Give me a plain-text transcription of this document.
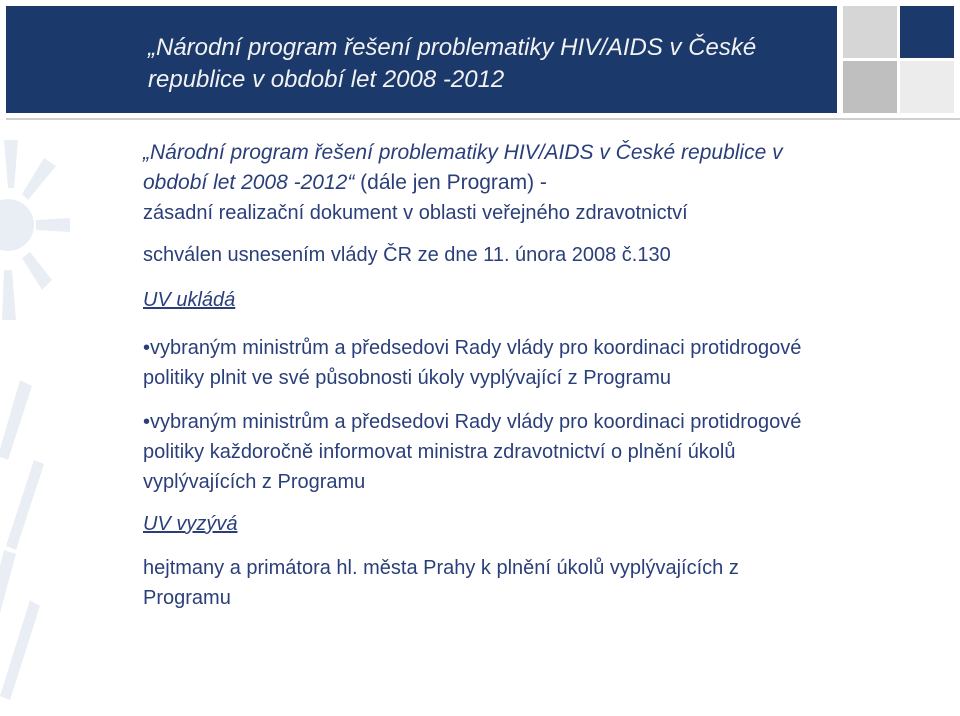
„Národní program řešení problematiky HIV/AIDS v České republice v období let 2008 -2012

„Národní program řešení problematiky HIV/AIDS v České republice v období let 2008 -2012“ (dále jen Program) -

zásadní realizační dokument v oblasti veřejného zdravotnictví

schválen usnesením vlády ČR ze dne 11. února 2008 č.130

UV ukládá

•vybraným ministrům a předsedovi Rady vlády pro koordinaci protidrogové politiky plnit ve své působnosti úkoly vyplývající z Programu

•vybraným ministrům a předsedovi Rady vlády pro koordinaci protidrogové politiky každoročně informovat ministra zdravotnictví o plnění úkolů vyplývajících z Programu

UV vyzývá

hejtmany a primátora hl. města Prahy k plnění úkolů vyplývajících z Programu
